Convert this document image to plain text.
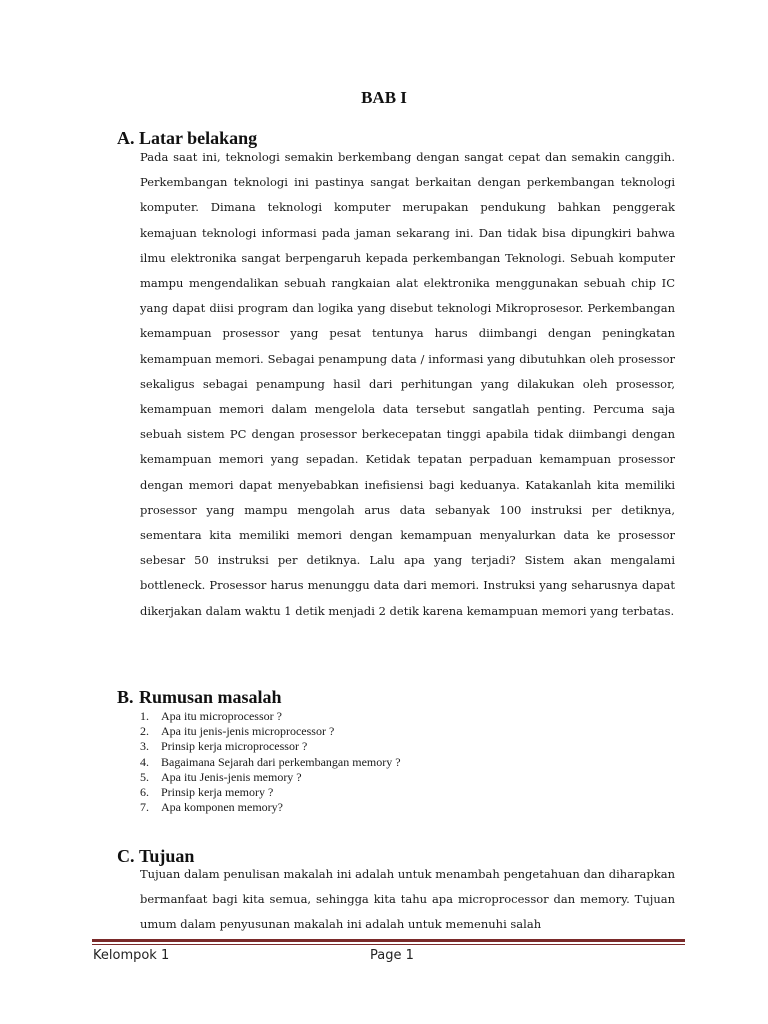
BAB I
A. Latar belakang

Pada saat ini, teknologi semakin berkembang dengan sangat cepat dan semakin canggih. Perkembangan teknologi ini pastinya sangat berkaitan dengan perkembangan teknologi komputer. Dimana teknologi komputer merupakan pendukung bahkan penggerak kemajuan teknologi informasi pada jaman sekarang ini. Dan tidak bisa dipungkiri bahwa ilmu elektronika sangat berpengaruh kepada perkembangan Teknologi. Sebuah komputer mampu mengendalikan sebuah rangkaian alat elektronika menggunakan sebuah chip IC yang dapat diisi program dan logika yang disebut teknologi Mikroprosesor. Perkembangan kemampuan prosessor yang pesat tentunya harus diimbangi dengan peningkatan kemampuan memori. Sebagai penampung data / informasi yang dibutuhkan oleh prosessor sekaligus sebagai penampung hasil dari perhitungan yang dilakukan oleh prosessor, kemampuan memori dalam mengelola data tersebut sangatlah penting. Percuma saja sebuah sistem PC dengan prosessor berkecepatan tinggi apabila tidak diimbangi dengan kemampuan memori yang sepadan. Ketidak tepatan perpaduan kemampuan prosessor dengan memori dapat menyebabkan inefisiensi bagi keduanya. Katakanlah kita memiliki prosessor yang mampu mengolah arus data sebanyak 100 instruksi per detiknya, sementara kita memiliki memori dengan kemampuan menyalurkan data ke prosessor sebesar 50 instruksi per detiknya. Lalu apa yang terjadi? Sistem akan mengalami bottleneck. Prosessor harus menunggu data dari memori. Instruksi yang seharusnya dapat dikerjakan dalam waktu 1 detik menjadi 2 detik karena kemampuan memori yang terbatas.

B. Rumusan masalah
1.	Apa itu microprocessor ?
2.	Apa itu jenis-jenis microprocessor ?
3.	Prinsip kerja microprocessor ?
4.	Bagaimana Sejarah dari perkembangan memory ?
5.	Apa itu Jenis-jenis memory ?
6.	Prinsip kerja memory ?
7.	Apa komponen memory?
C. Tujuan

Tujuan dalam penulisan makalah ini adalah untuk menambah pengetahuan dan diharapkan bermanfaat bagi kita semua, sehingga kita tahu apa microprocessor dan memory. Tujuan umum dalam penyusunan makalah ini adalah untuk memenuhi salah

Kelompok 1	Page 1
